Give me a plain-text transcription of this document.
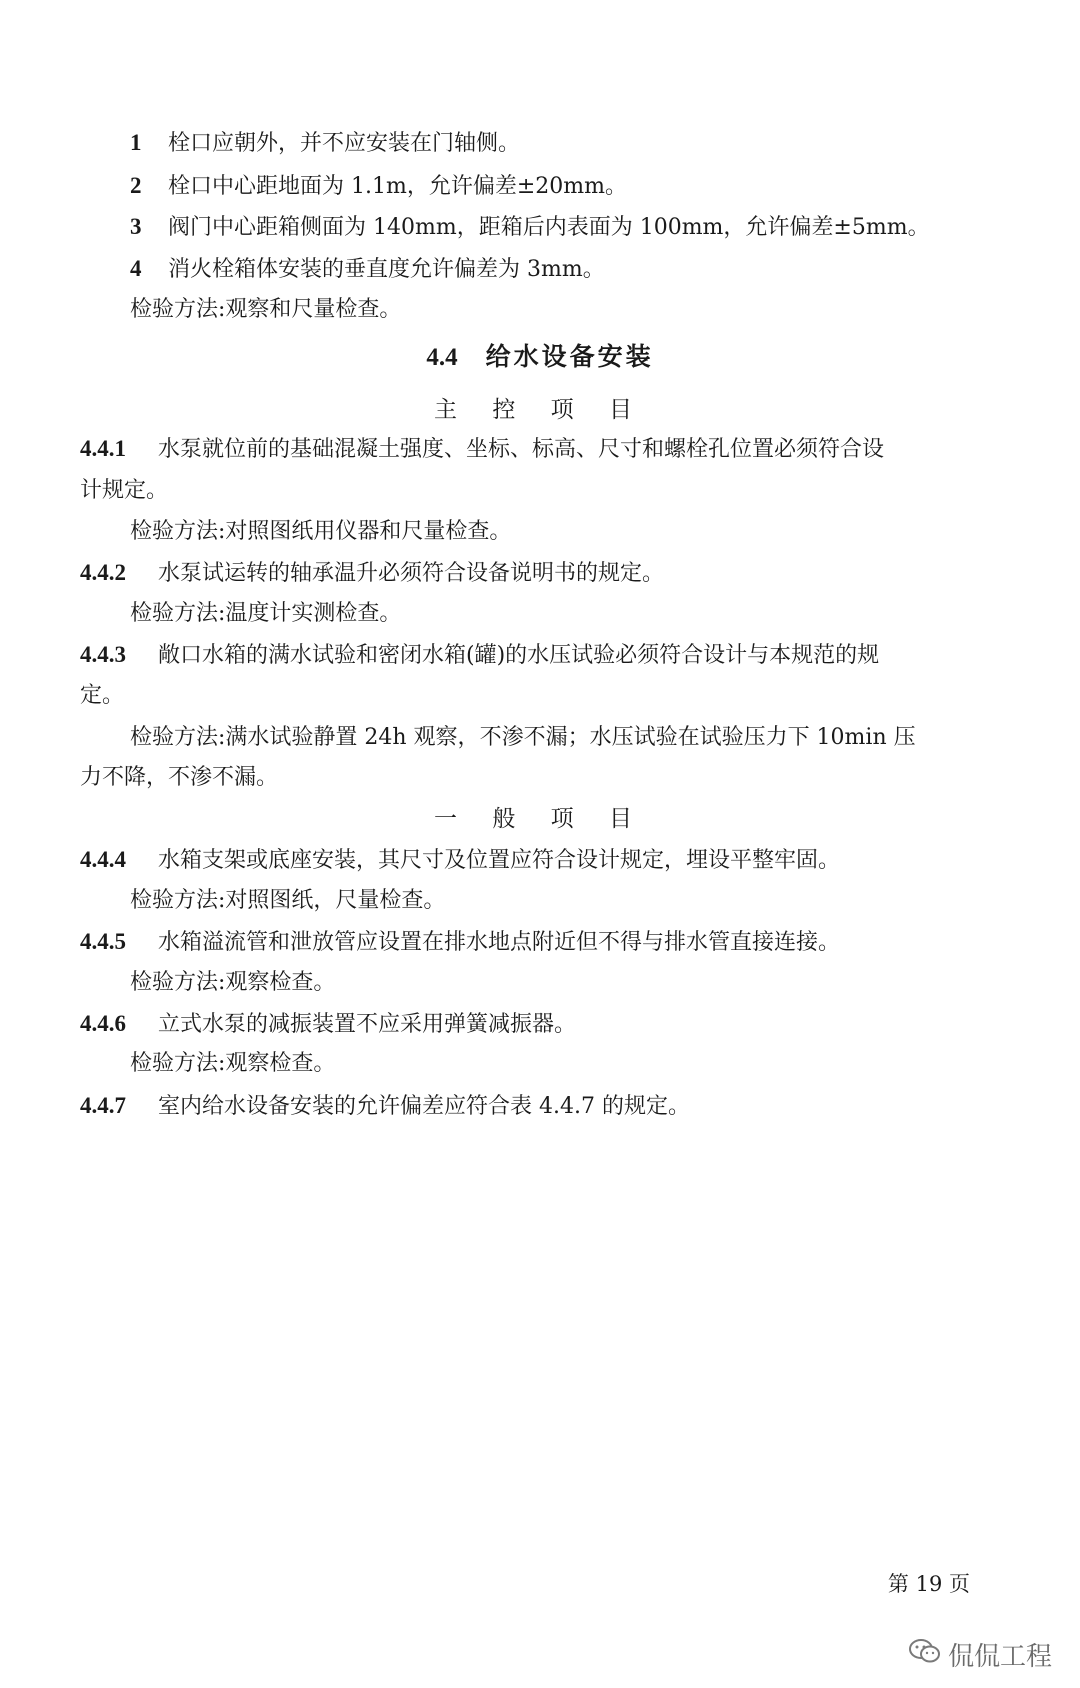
1 栓口应朝外，并不应安装在门轴侧。
2 栓口中心距地面为 1.1m，允许偏差±20mm。
3 阀门中心距箱侧面为 140mm，距箱后内表面为 100mm，允许偏差±5mm。
4 消火栓箱体安装的垂直度允许偏差为 3mm。
检验方法:观察和尺量检查。
4.4 给水设备安装
主 控 项 目
4.4.1 水泵就位前的基础混凝土强度、坐标、标高、尺寸和螺栓孔位置必须符合设
计规定。
检验方法:对照图纸用仪器和尺量检查。
4.4.2 水泵试运转的轴承温升必须符合设备说明书的规定。
检验方法:温度计实测检查。
4.4.3 敞口水箱的满水试验和密闭水箱(罐)的水压试验必须符合设计与本规范的规
定。
检验方法:满水试验静置 24h 观察，不渗不漏；水压试验在试验压力下 10min 压
力不降，不渗不漏。
一 般 项 目
4.4.4 水箱支架或底座安装，其尺寸及位置应符合设计规定，埋设平整牢固。
检验方法:对照图纸，尺量检查。
4.4.5 水箱溢流管和泄放管应设置在排水地点附近但不得与排水管直接连接。
检验方法:观察检查。
4.4.6 立式水泵的减振装置不应采用弹簧减振器。
检验方法:观察检查。
4.4.7 室内给水设备安装的允许偏差应符合表 4.4.7 的规定。
第 19 页
侃侃工程
